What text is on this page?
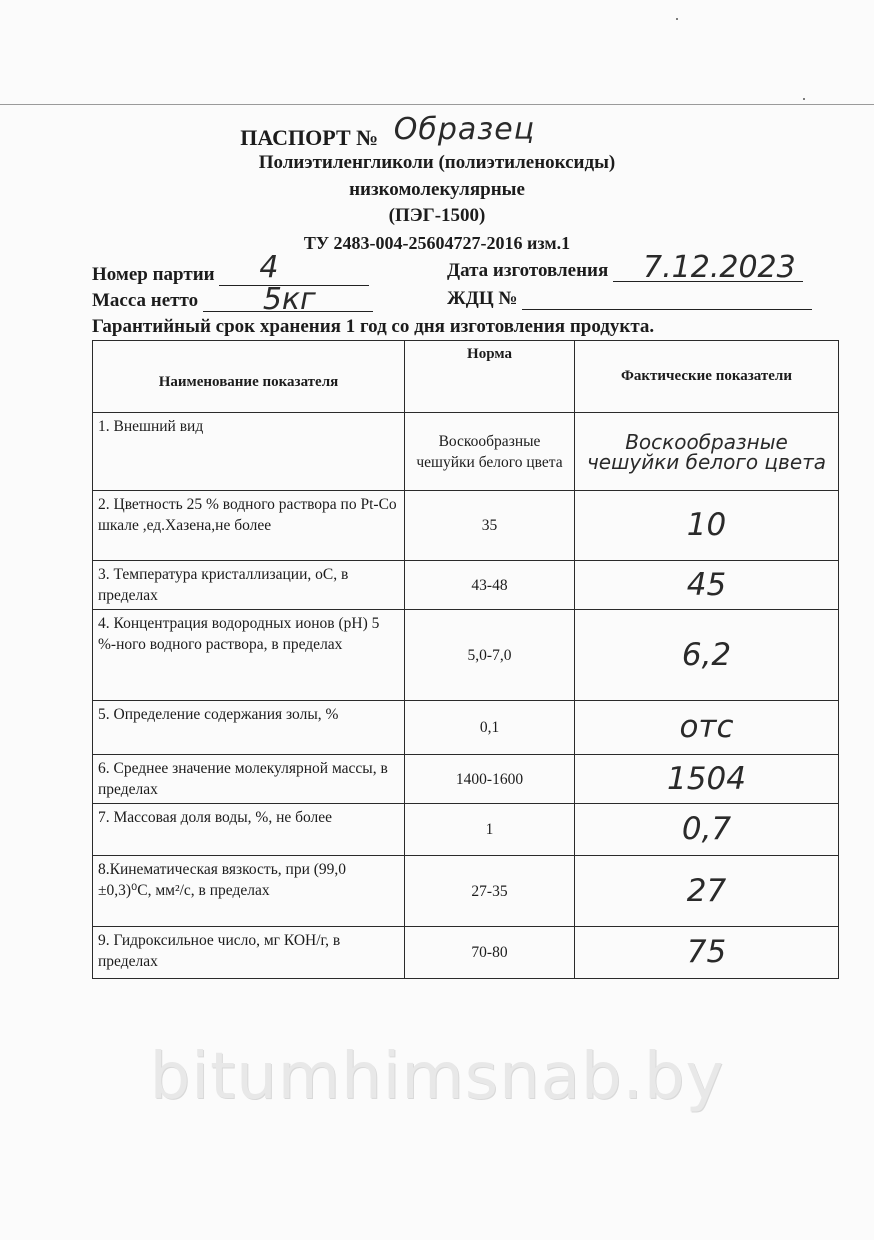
ПАСПОРТ № Образец
Полиэтиленгликоли (полиэтиленоксиды)
низкомолекулярные
(ПЭГ-1500)
ТУ 2483-004-25604727-2016 изм.1
Номер партии 4
Масса нетто 5кг
Дата изготовления 7.12.2023
ЖДЦ №
Гарантийный срок хранения 1 год со дня изготовления продукта.
Наименование показателя	Норма	Фактические показатели
1. Внешний вид	Воскообразные чешуйки белого цвета	Воскообразные чешуйки белого цвета
2. Цветность 25 % водного раствора по Pt-Co шкале ,ед.Хазена,не более	35	10
3. Температура кристаллизации, оС, в пределах	43-48	45
4. Концентрация водородных ионов (pH) 5 %-ного водного раствора, в пределах	5,0-7,0	6,2
5. Определение содержания золы, %	0,1	отс
6. Среднее значение молекулярной массы, в пределах	1400-1600	1504
7. Массовая доля воды, %, не более	1	0,7
8.Кинематическая вязкость, при (99,0 ±0,3)⁰С, мм²/с, в пределах	27-35	27
9. Гидроксильное число, мг КОН/г, в пределах	70-80	75
bitumhimsnab.by
